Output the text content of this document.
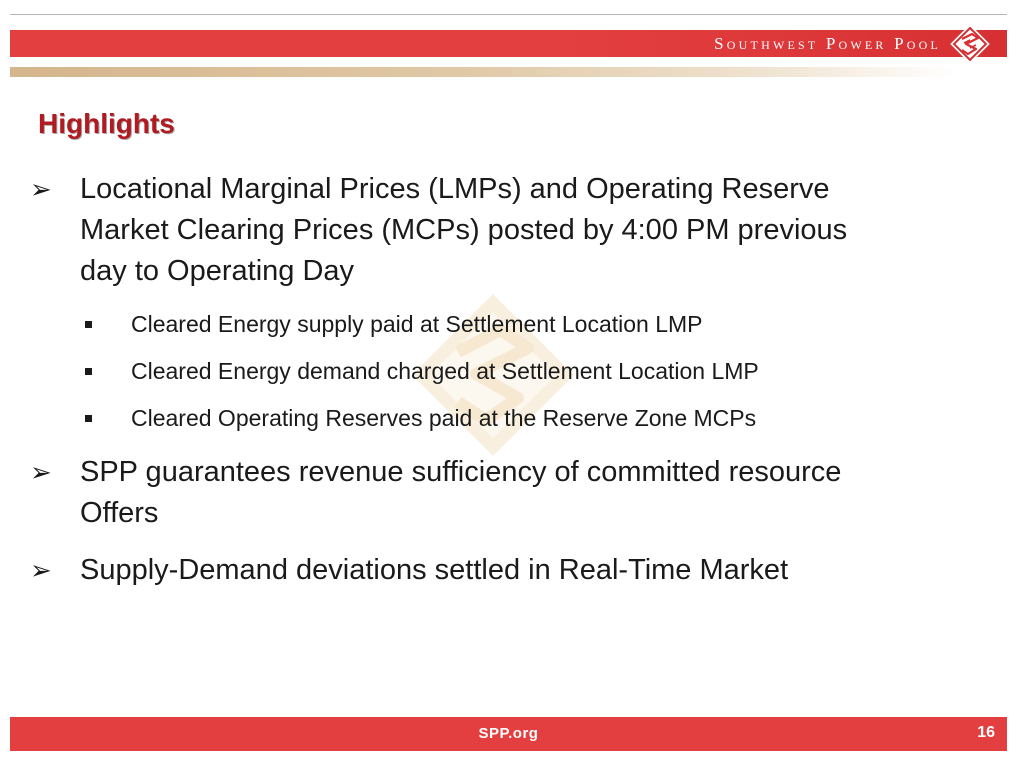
Southwest Power Pool
Highlights
➢ Locational Marginal Prices (LMPs) and Operating Reserve
Market Clearing Prices (MCPs) posted by 4:00 PM previous
day to Operating Day
Cleared Energy supply paid at Settlement Location LMP
Cleared Energy demand charged at Settlement Location LMP
Cleared Operating Reserves paid at the Reserve Zone MCPs
➢ SPP guarantees revenue sufficiency of committed resource
Offers
➢ Supply-Demand deviations settled in Real-Time Market
SPP.org	16
